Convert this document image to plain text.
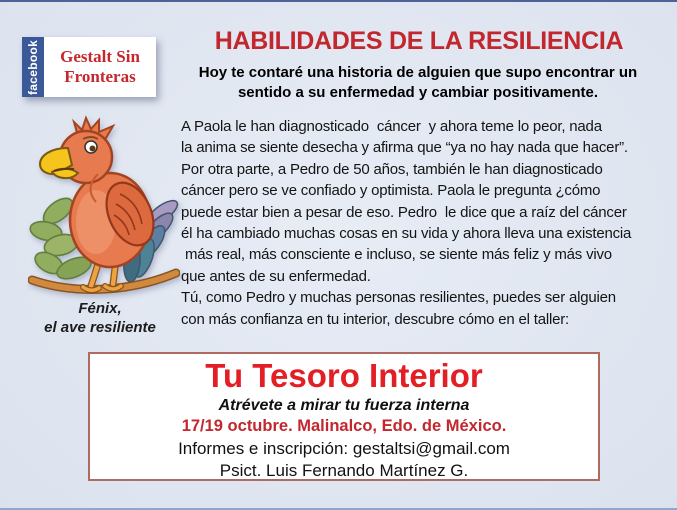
facebook Gestalt Sin
Fronteras
HABILIDADES DE LA RESILIENCIA
Hoy te contaré una historia de alguien que supo encontrar un
sentido a su enfermedad y cambiar positivamente.
A Paola le han diagnosticado  cáncer  y ahora teme lo peor, nada
la anima se siente desecha y afirma que “ya no hay nada que hacer”.
Por otra parte, a Pedro de 50 años, también le han diagnosticado
cáncer pero se ve confiado y optimista. Paola le pregunta ¿cómo
puede estar bien a pesar de eso. Pedro  le dice que a raíz del cáncer
él ha cambiado muchas cosas en su vida y ahora lleva una existencia
más real, más consciente e incluso, se siente más feliz y más vivo
que antes de su enfermedad.
Tú, como Pedro y muchas personas resilientes, puedes ser alguien
con más confianza en tu interior, descubre cómo en el taller:
Fénix,
el ave resiliente
Tu Tesoro Interior
Atrévete a mirar tu fuerza interna
17/19 octubre. Malinalco, Edo. de México.
Informes e inscripción: gestaltsi@gmail.com
Psict. Luis Fernando Martínez G.
